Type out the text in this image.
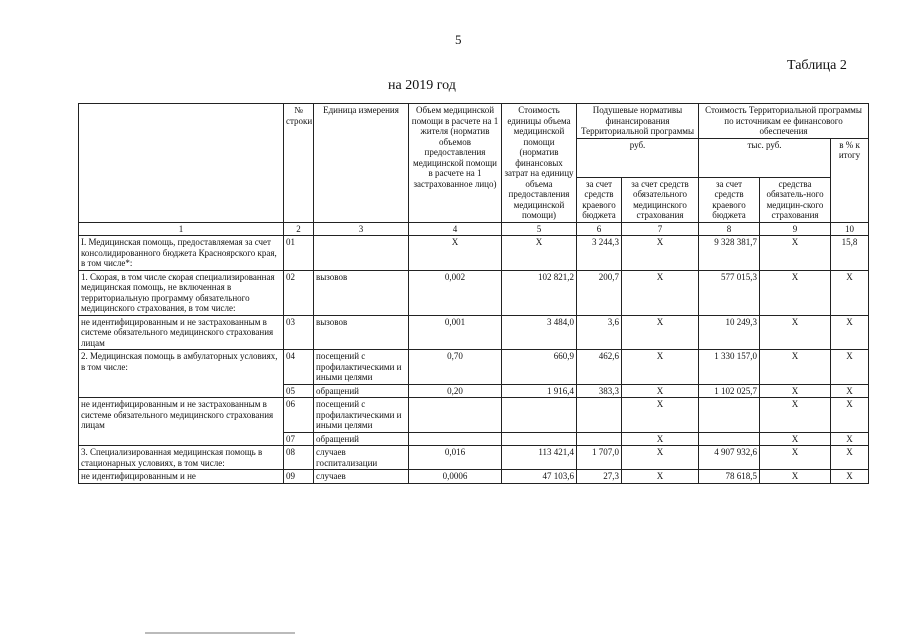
5
Таблица 2
на 2019 год
	№ строки	Единица измерения	Объем медицинской помощи в расчете на 1 жителя (норматив объемов предоставления медицинской помощи в расчете на 1 застрахованное лицо)	Стоимость единицы объема медицинской помощи (норматив финансовых затрат на единицу объема предоставления медицинской помощи)	Подушевые нормативы финансирования Территориальной программы		Стоимость Территориальной программы по источникам ее финансового обеспечения		
					руб.		тыс. руб.		в % к итогу
					за счет средств краевого бюджета	за счет средств обязательного медицинского страхования	за счет средств краевого бюджета	средства обязатель-ного медицин-ского страхования	
1	2	3	4	5	6	7	8	9	10
I. Медицинская помощь, предоставляемая за счет консолидированного бюджета Красноярского края, в том числе*:	01		X	X	3 244,3	X	9 328 381,7	X	15,8
1. Скорая, в том числе скорая специализированная медицинская помощь, не включенная в территориальную программу обязательного медицинского страхования, в том числе:	02	вызовов	0,002	102 821,2	200,7	X	577 015,3	X	X
не идентифицированным и не застрахованным в системе обязательного медицинского страхования лицам	03	вызовов	0,001	3 484,0	3,6	X	10 249,3	X	X
2. Медицинская помощь в амбулаторных условиях, в том числе:	04	посещений с профилактическими и иными целями	0,70	660,9	462,6	X	1 330 157,0	X	X
	05	обращений	0,20	1 916,4	383,3	X	1 102 025,7	X	X
не идентифицированным и не застрахованным в системе обязательного медицинского страхования лицам	06	посещений с профилактическими и иными целями				X		X	X
	07	обращений				X		X	X
3. Специализированная медицинская помощь в стационарных условиях, в том числе:	08	случаев госпитализации	0,016	113 421,4	1 707,0	X	4 907 932,6	X	X
не идентифицированным и не	09	случаев	0,0006	47 103,6	27,3	X	78 618,5	X	X
